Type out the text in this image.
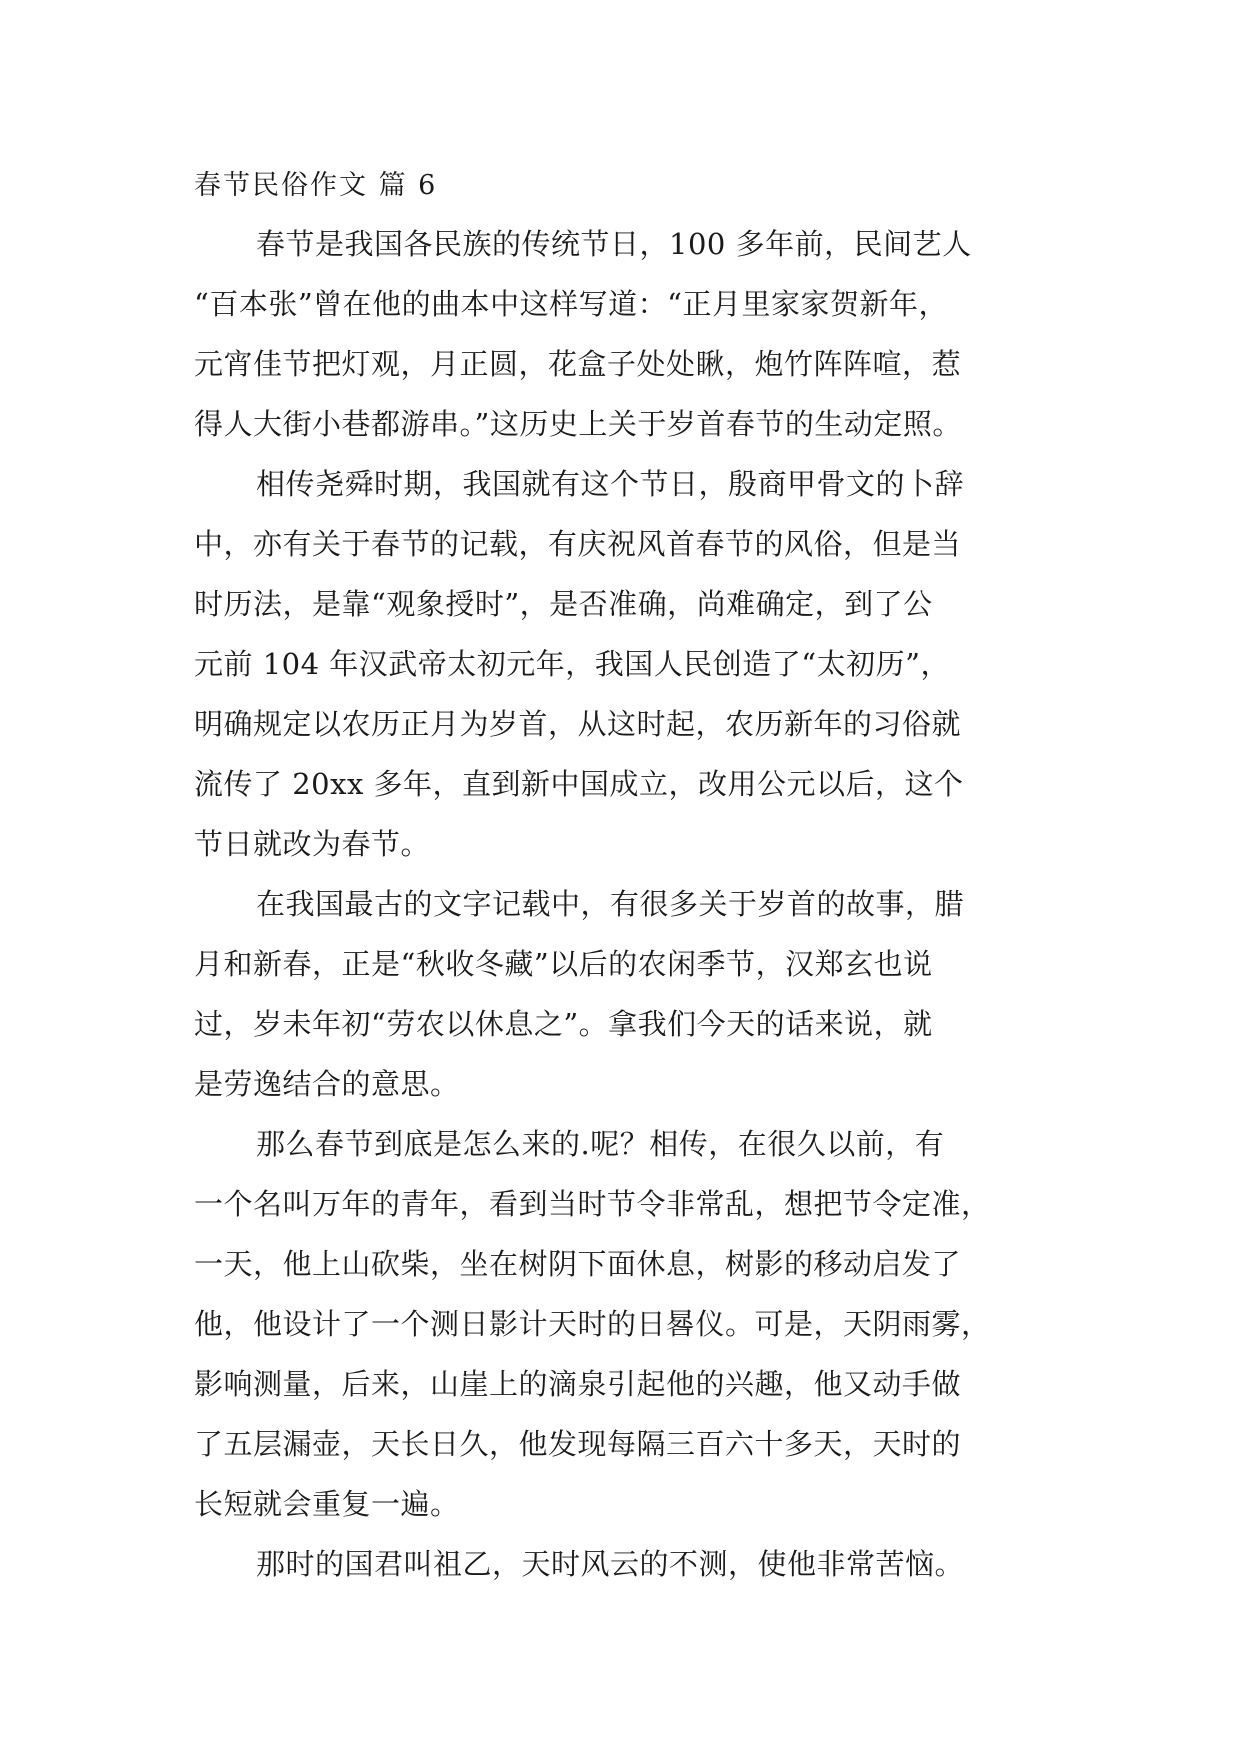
春节民俗作文 篇 6
春节是我国各民族的传统节日，100 多年前，民间艺人
“百本张”曾在他的曲本中这样写道：“正月里家家贺新年，
元宵佳节把灯观，月正圆，花盒子处处瞅，炮竹阵阵喧，惹
得人大街小巷都游串。”这历史上关于岁首春节的生动定照。
相传尧舜时期，我国就有这个节日，殷商甲骨文的卜辞
中，亦有关于春节的记载，有庆祝风首春节的风俗，但是当
时历法，是靠“观象授时”，是否准确，尚难确定，到了公
元前 104 年汉武帝太初元年，我国人民创造了“太初历”，
明确规定以农历正月为岁首，从这时起，农历新年的习俗就
流传了 20xx 多年，直到新中国成立，改用公元以后，这个
节日就改为春节。
在我国最古的文字记载中，有很多关于岁首的故事，腊
月和新春，正是“秋收冬藏”以后的农闲季节，汉郑玄也说
过，岁未年初“劳农以休息之”。拿我们今天的话来说，就
是劳逸结合的意思。
那么春节到底是怎么来的.呢？相传，在很久以前，有
一个名叫万年的青年，看到当时节令非常乱，想把节令定准，
一天，他上山砍柴，坐在树阴下面休息，树影的移动启发了
他，他设计了一个测日影计天时的日晷仪。可是，天阴雨雾，
影响测量，后来，山崖上的滴泉引起他的兴趣，他又动手做
了五层漏壶，天长日久，他发现每隔三百六十多天，天时的
长短就会重复一遍。
那时的国君叫祖乙，天时风云的不测，使他非常苦恼。
